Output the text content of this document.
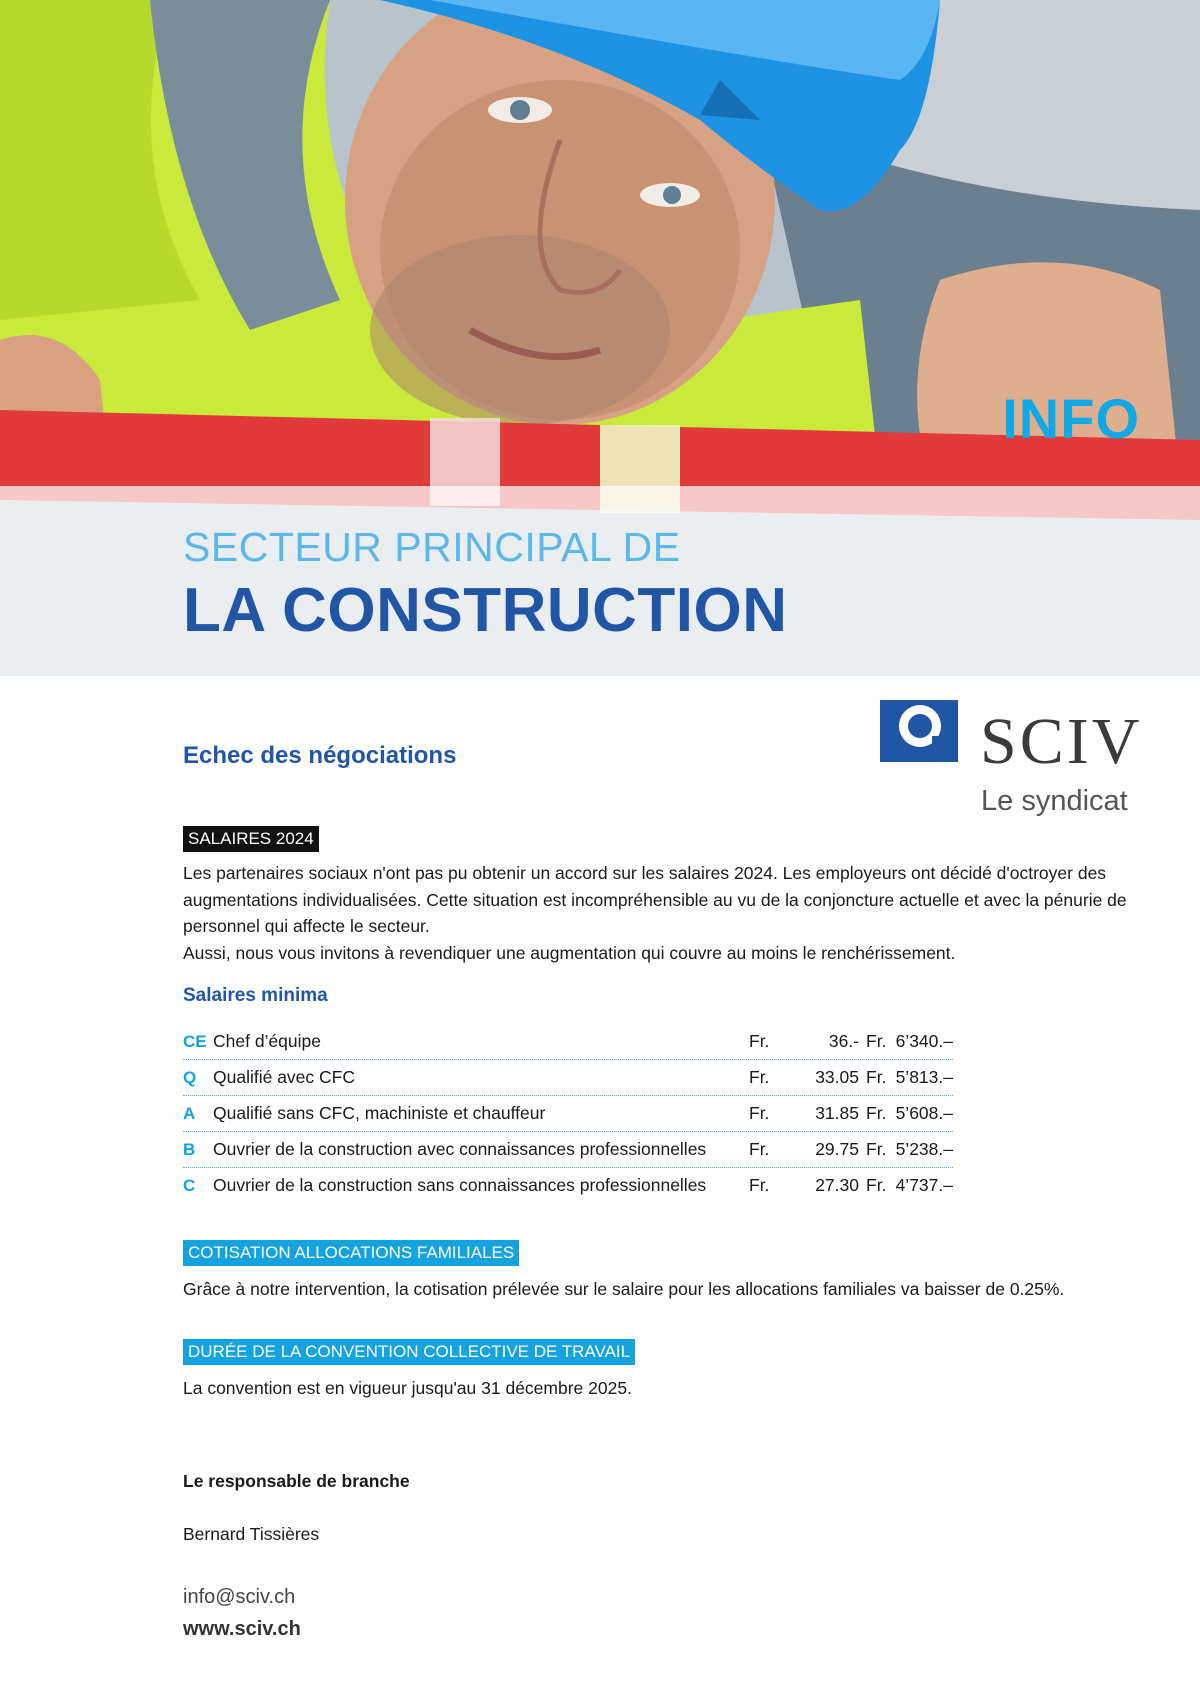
INFO
SECTEUR PRINCIPAL DE
LA CONSTRUCTION
SCIV
Le syndicat
Echec des négociations
SALAIRES 2024

Les partenaires sociaux n'ont pas pu obtenir un accord sur les salaires 2024. Les employeurs ont décidé d'octroyer des augmentations individualisées. Cette situation est incompréhensible au vu de la conjoncture actuelle et avec la pénurie de personnel qui affecte le secteur.

Aussi, nous vous invitons à revendiquer une augmentation qui couvre au moins le renchérissement.

Salaires minima
CE Chef d’équipe	Fr.	36.- Fr. 6’340.–
Q Qualifié avec CFC	Fr.	33.05 Fr. 5’813.–
A Qualifié sans CFC, machiniste et chauffeur	Fr.	31.85 Fr. 5’608.–
B Ouvrier de la construction avec connaissances professionnelles Fr.	29.75 Fr. 5’238.–
C Ouvrier de la construction sans connaissances professionnelles Fr.	27.30 Fr. 4’737.–
COTISATION ALLOCATIONS FAMILIALES
Grâce à notre intervention, la cotisation prélevée sur le salaire pour les allocations familiales va baisser de 0.25%.
DURÉE DE LA CONVENTION COLLECTIVE DE TRAVAIL
La convention est en vigueur jusqu'au 31 décembre 2025.
Le responsable de branche
Bernard Tissières
info@sciv.ch
www.sciv.ch
